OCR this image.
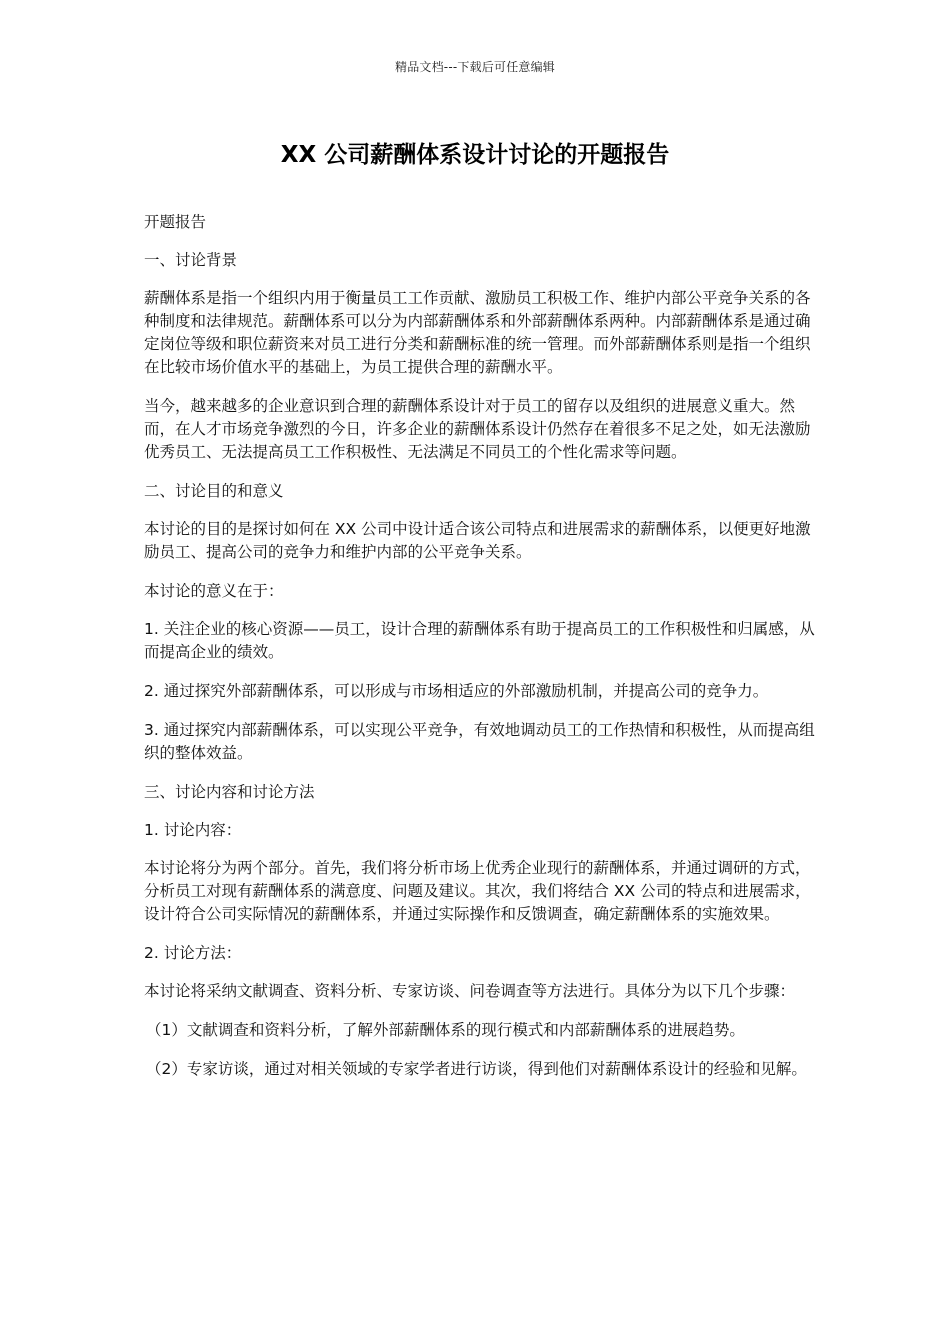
精品文档---下载后可任意编辑
XX 公司薪酬体系设计讨论的开题报告

开题报告

一、讨论背景

薪酬体系是指一个组织内用于衡量员工工作贡献、激励员工积极工作、维护内部公平竞争关系的各种制度和法律规范。薪酬体系可以分为内部薪酬体系和外部薪酬体系两种。内部薪酬体系是通过确定岗位等级和职位薪资来对员工进行分类和薪酬标准的统一管理。而外部薪酬体系则是指一个组织在比较市场价值水平的基础上，为员工提供合理的薪酬水平。

当今，越来越多的企业意识到合理的薪酬体系设计对于员工的留存以及组织的进展意义重大。然而，在人才市场竞争激烈的今日，许多企业的薪酬体系设计仍然存在着很多不足之处，如无法激励优秀员工、无法提高员工工作积极性、无法满足不同员工的个性化需求等问题。

二、讨论目的和意义

本讨论的目的是探讨如何在 XX 公司中设计适合该公司特点和进展需求的薪酬体系，以便更好地激励员工、提高公司的竞争力和维护内部的公平竞争关系。

本讨论的意义在于：

1. 关注企业的核心资源——员工，设计合理的薪酬体系有助于提高员工的工作积极性和归属感，从而提高企业的绩效。

2. 通过探究外部薪酬体系，可以形成与市场相适应的外部激励机制，并提高公司的竞争力。

3. 通过探究内部薪酬体系，可以实现公平竞争，有效地调动员工的工作热情和积极性，从而提高组织的整体效益。

三、讨论内容和讨论方法

1. 讨论内容：

本讨论将分为两个部分。首先，我们将分析市场上优秀企业现行的薪酬体系，并通过调研的方式，分析员工对现有薪酬体系的满意度、问题及建议。其次，我们将结合 XX 公司的特点和进展需求，设计符合公司实际情况的薪酬体系，并通过实际操作和反馈调查，确定薪酬体系的实施效果。

2. 讨论方法：

本讨论将采纳文献调查、资料分析、专家访谈、问卷调查等方法进行。具体分为以下几个步骤：

（1）文献调查和资料分析，了解外部薪酬体系的现行模式和内部薪酬体系的进展趋势。

（2）专家访谈，通过对相关领域的专家学者进行访谈，得到他们对薪酬体系设计的经验和见解。
